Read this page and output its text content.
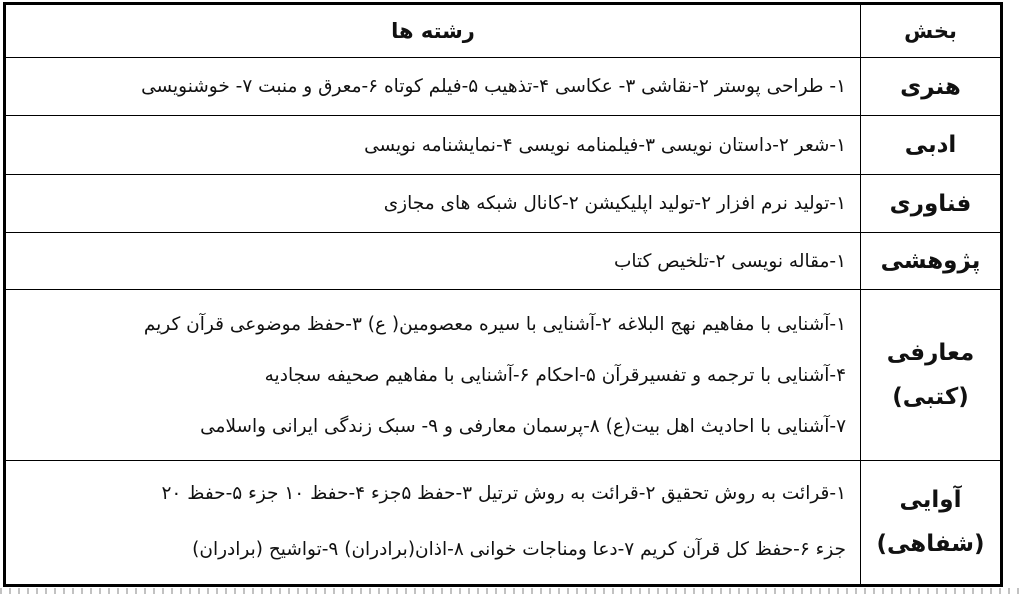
بخش	رشته ها
هنری	۱- طراحی پوستر ۲-نقاشی ۳- عکاسی ۴-تذهیب ۵-فیلم کوتاه ۶-معرق و منبت ۷- خوشنویسی

ادبی	۱-شعر ۲-داستان نویسی ۳-فیلمنامه نویسی ۴-نمایشنامه نویسی

فناوری	۱-تولید نرم افزار ۲-تولید اپلیکیشن ۲-کانال شبکه های مجازی

پژوهشی	۱-مقاله نویسی ۲-تلخیص کتاب

معارفی
(کتبی)	۱-آشنایی با مفاهیم نهج البلاغه ۲-آشنایی با سیره معصومین( ع) ۳-حفظ موضوعی قرآن کریم
۴-آشنایی با ترجمه و تفسیرقرآن ۵-احکام ۶-آشنایی با مفاهیم صحیفه سجادیه
۷-آشنایی با احادیث اهل بیت(ع) ۸-پرسمان معارفی و ۹- سبک زندگی ایرانی واسلامی

آوایی
(شفاهی)	۱-قرائت به روش تحقیق ۲-قرائت به روش ترتیل ۳-حفظ ۵جزء ۴-حفظ ۱۰ جزء ۵-حفظ ۲۰
جزء ۶-حفظ کل قرآن کریم ۷-دعا ومناجات خوانی ۸-اذان(برادران) ۹-تواشیح (برادران)
